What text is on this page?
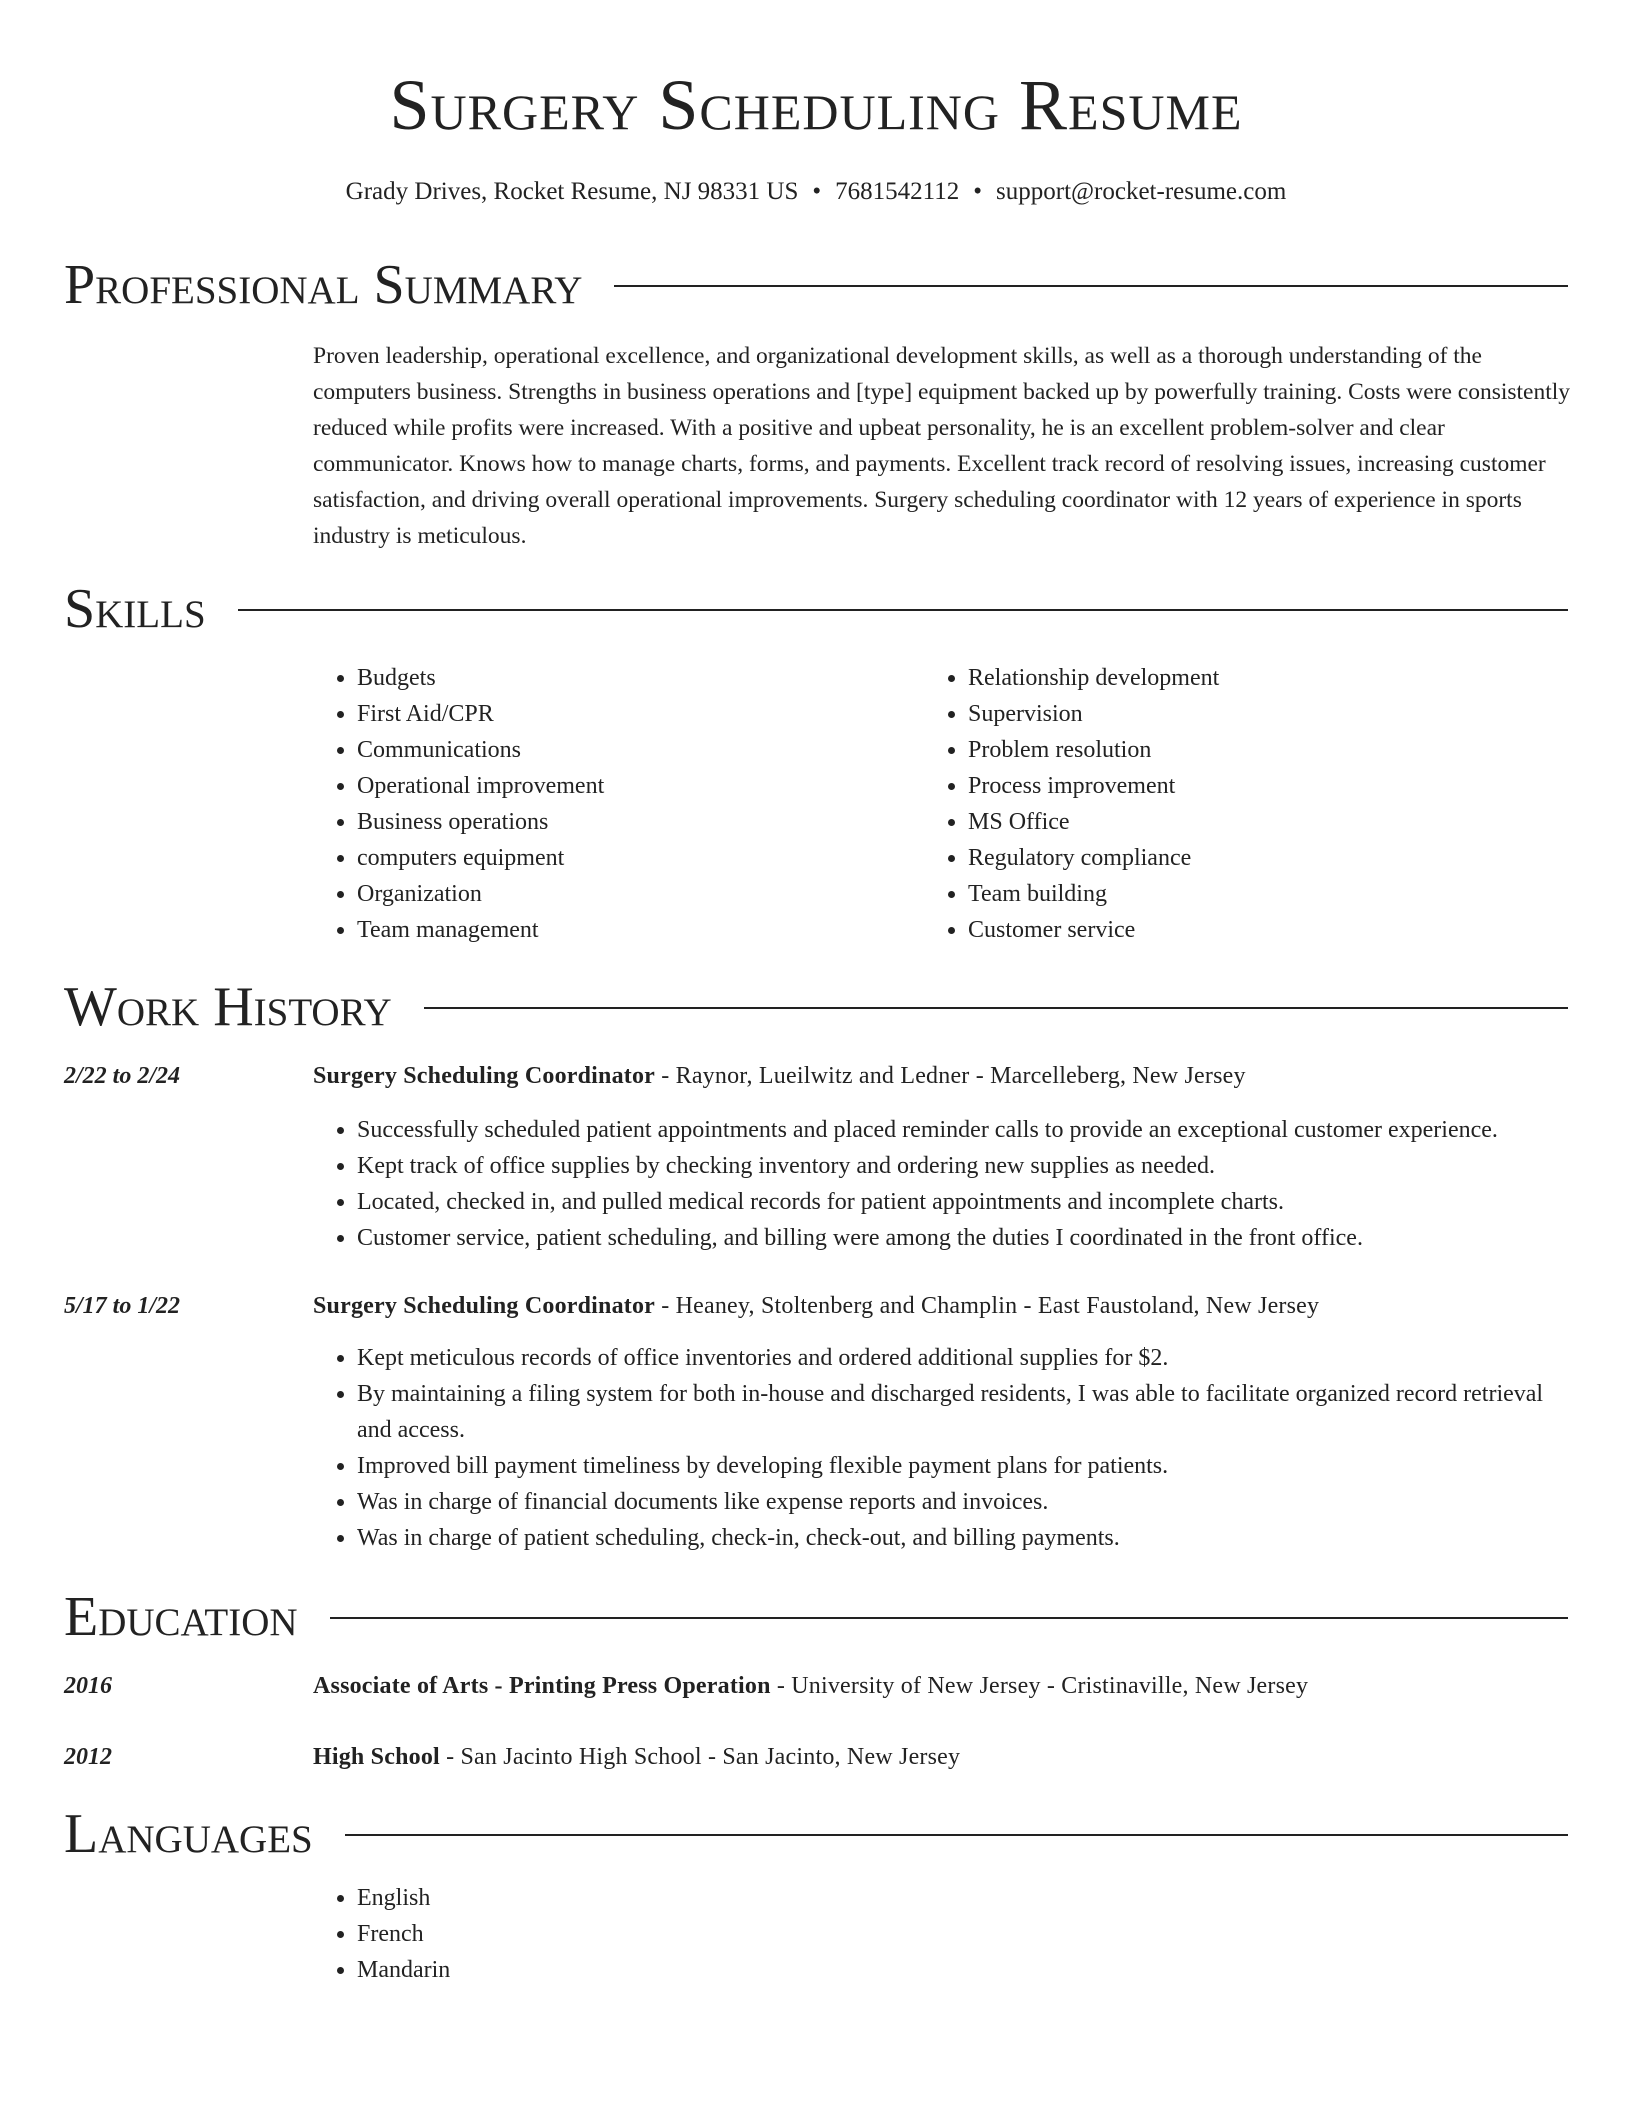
Surgery Scheduling Resume
Grady Drives, Rocket Resume, NJ 98331 US • 7681542112 • support@rocket-resume.com
Professional Summary

Proven leadership, operational excellence, and organizational development skills, as well as a thorough understanding of the computers business. Strengths in business operations and [type] equipment backed up by powerfully training. Costs were consistently reduced while profits were increased. With a positive and upbeat personality, he is an excellent problem-solver and clear communicator. Knows how to manage charts, forms, and payments. Excellent track record of resolving issues, increasing customer satisfaction, and driving overall operational improvements. Surgery scheduling coordinator with 12 years of experience in sports industry is meticulous.

Skills
• Budgets
• First Aid/CPR
• Communications
• Operational improvement
• Business operations
• computers equipment
• Organization
• Team management
• Relationship development
• Supervision
• Problem resolution
• Process improvement
• MS Office
• Regulatory compliance
• Team building
• Customer service
Work History
2/22 to 2/24	Surgery Scheduling Coordinator - Raynor, Lueilwitz and Ledner - Marcelleberg, New Jersey
• Successfully scheduled patient appointments and placed reminder calls to provide an exceptional customer experience.
• Kept track of office supplies by checking inventory and ordering new supplies as needed.
• Located, checked in, and pulled medical records for patient appointments and incomplete charts.
• Customer service, patient scheduling, and billing were among the duties I coordinated in the front office.
5/17 to 1/22	Surgery Scheduling Coordinator - Heaney, Stoltenberg and Champlin - East Faustoland, New Jersey
• Kept meticulous records of office inventories and ordered additional supplies for $2.
• By maintaining a filing system for both in-house and discharged residents, I was able to facilitate organized record retrieval and access.
• Improved bill payment timeliness by developing flexible payment plans for patients.
• Was in charge of financial documents like expense reports and invoices.
• Was in charge of patient scheduling, check-in, check-out, and billing payments.
Education
2016	Associate of Arts - Printing Press Operation - University of New Jersey - Cristinaville, New Jersey
2012	High School - San Jacinto High School - San Jacinto, New Jersey
Languages
• English
• French
• Mandarin
